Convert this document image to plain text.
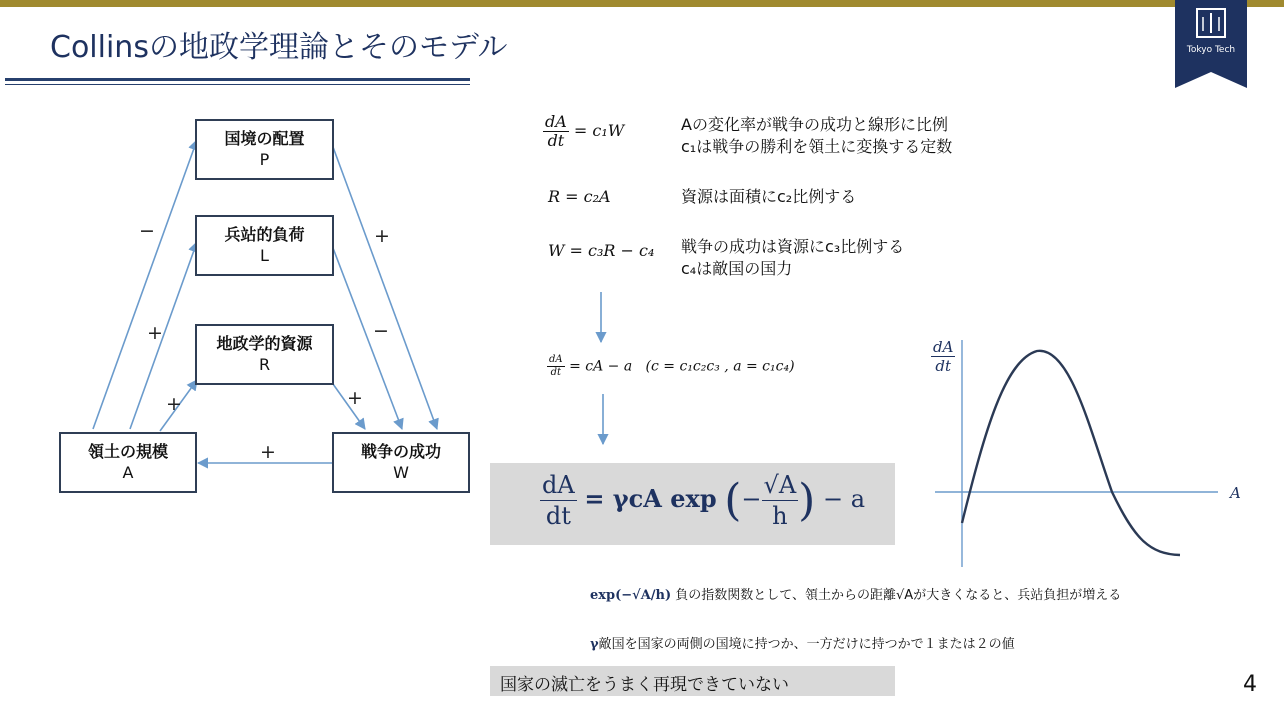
Collinsの地政学理論とそのモデル	Tokyo Tech
国境の配置
P
兵站的負荷
L
地政学的資源
R
領土の規模
A
戦争の成功
W
−	+
+	−
+	+
+
$\frac{dA}{dt} = c_1W$	Aの変化率が戦争の成功と線形に比例
c₁は戦争の勝利を領土に変換する定数
R = c₂A	資源は面積にc₂比例する
W = c₃R − c₄ 戦争の成功は資源にc₃比例する
c₄は敵国の国力
$\frac{dA}{dt}$ = cA − a (c = c₁c₂c₃ , a = c₁c₄)
$\frac{dA}{dt} = \gamma cA$ exp (− $\frac{√A}{h}$ ) − a
$\frac{dA}{dt}$
A
exp(−√A/h) 負の指数関数として、領土からの距離√Aが大きくなると、兵站負担が増える
γ敵国を国家の両側の国境に持つか、一方だけに持つかで１または２の値
国家の滅亡をうまく再現できていない	4
